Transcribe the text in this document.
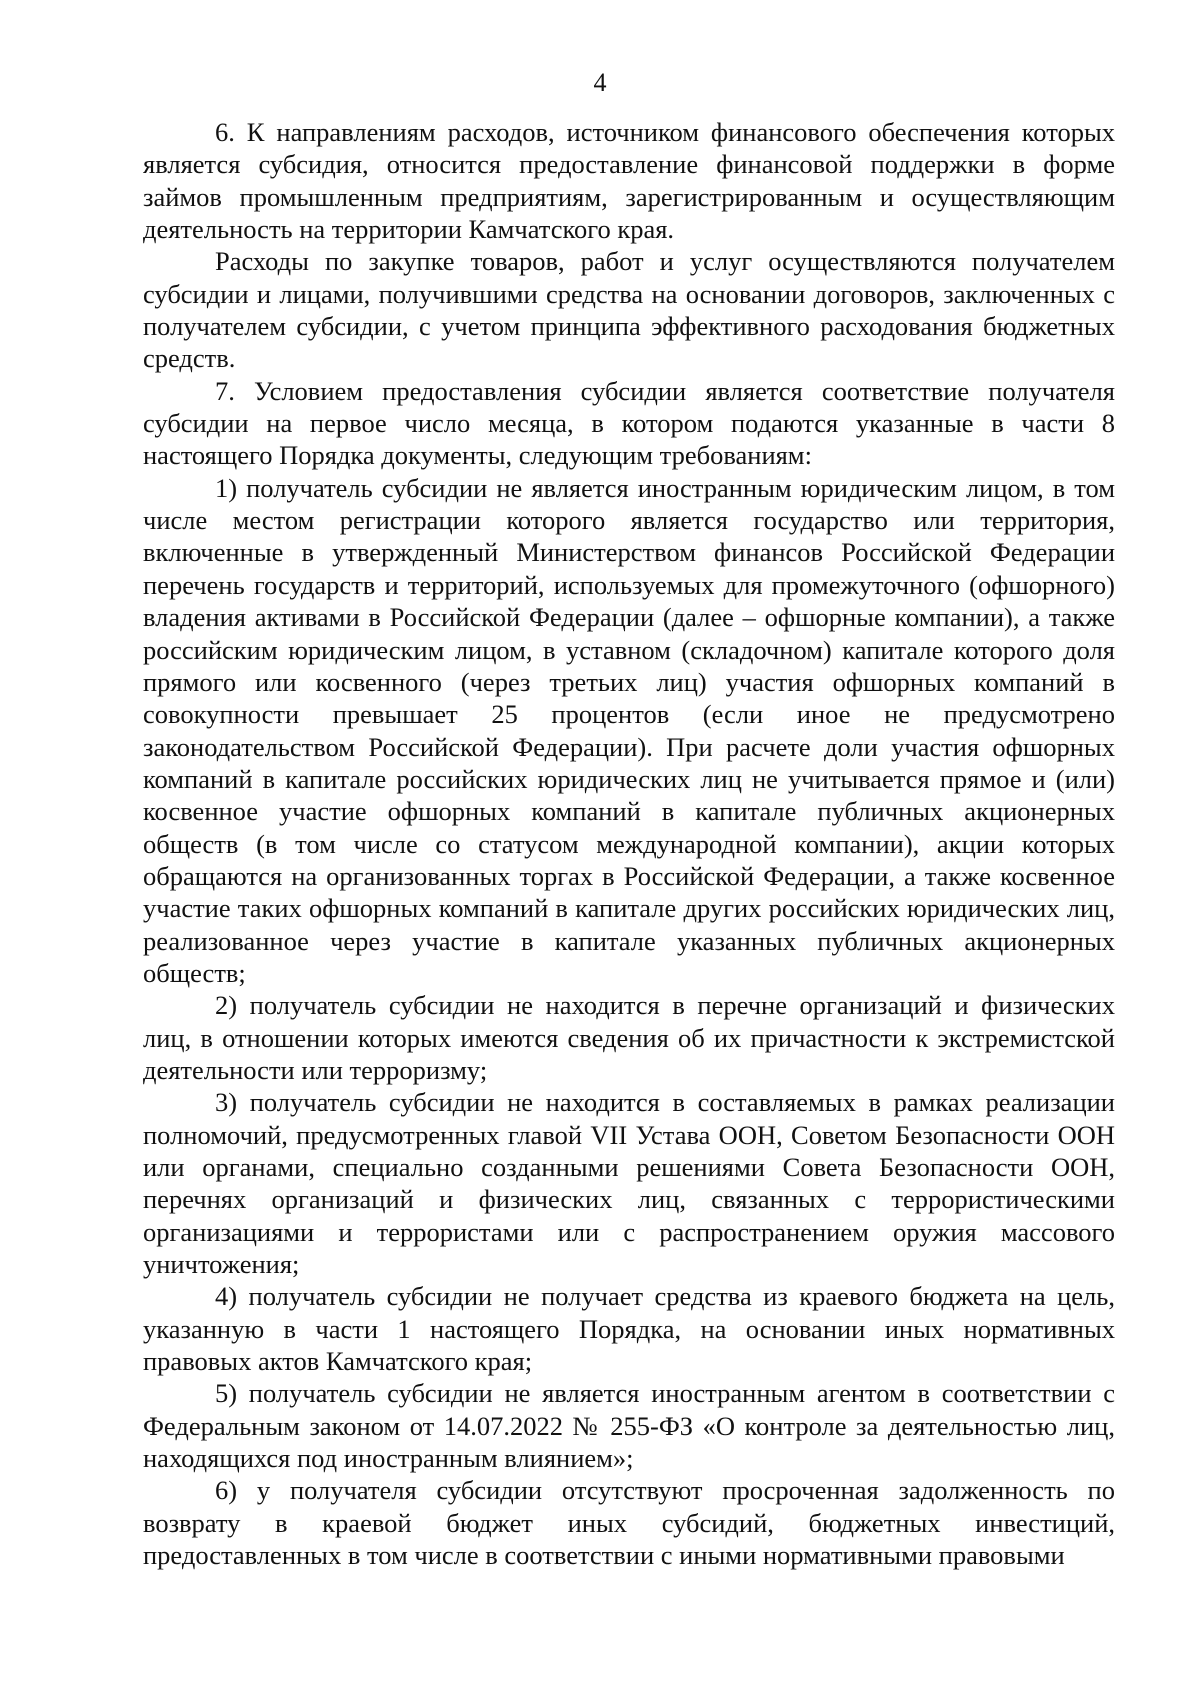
4

6. К направлениям расходов, источником финансового обеспечения которых является субсидия, относится предоставление финансовой поддержки в форме займов промышленным предприятиям, зарегистрированным и осуществляющим деятельность на территории Камчатского края.

Расходы по закупке товаров, работ и услуг осуществляются получателем субсидии и лицами, получившими средства на основании договоров, заключенных с получателем субсидии, с учетом принципа эффективного расходования бюджетных средств.

7. Условием предоставления субсидии является соответствие получателя субсидии на первое число месяца, в котором подаются указанные в части 8 настоящего Порядка документы, следующим требованиям:

1) получатель субсидии не является иностранным юридическим лицом, в том числе местом регистрации которого является государство или территория, включенные в утвержденный Министерством финансов Российской Федерации перечень государств и территорий, используемых для промежуточного (офшорного) владения активами в Российской Федерации (далее – офшорные компании), а также российским юридическим лицом, в уставном (складочном) капитале которого доля прямого или косвенного (через третьих лиц) участия офшорных компаний в совокупности превышает 25 процентов (если иное не предусмотрено законодательством Российской Федерации). При расчете доли участия офшорных компаний в капитале российских юридических лиц не учитывается прямое и (или) косвенное участие офшорных компаний в капитале публичных акционерных обществ (в том числе со статусом международной компании), акции которых обращаются на организованных торгах в Российской Федерации, а также косвенное участие таких офшорных компаний в капитале других российских юридических лиц, реализованное через участие в капитале указанных публичных акционерных обществ;

2) получатель субсидии не находится в перечне организаций и физических лиц, в отношении которых имеются сведения об их причастности к экстремистской деятельности или терроризму;

3) получатель субсидии не находится в составляемых в рамках реализации полномочий, предусмотренных главой VII Устава ООН, Советом Безопасности ООН или органами, специально созданными решениями Совета Безопасности ООН, перечнях организаций и физических лиц, связанных с террористическими организациями и террористами или с распространением оружия массового уничтожения;

4) получатель субсидии не получает средства из краевого бюджета на цель, указанную в части 1 настоящего Порядка, на основании иных нормативных правовых актов Камчатского края;

5) получатель субсидии не является иностранным агентом в соответствии с Федеральным законом от 14.07.2022 № 255-ФЗ «О контроле за деятельностью лиц, находящихся под иностранным влиянием»;

6) у получателя субсидии отсутствуют просроченная задолженность по возврату в краевой бюджет иных субсидий, бюджетных инвестиций, предоставленных в том числе в соответствии с иными нормативными правовыми
